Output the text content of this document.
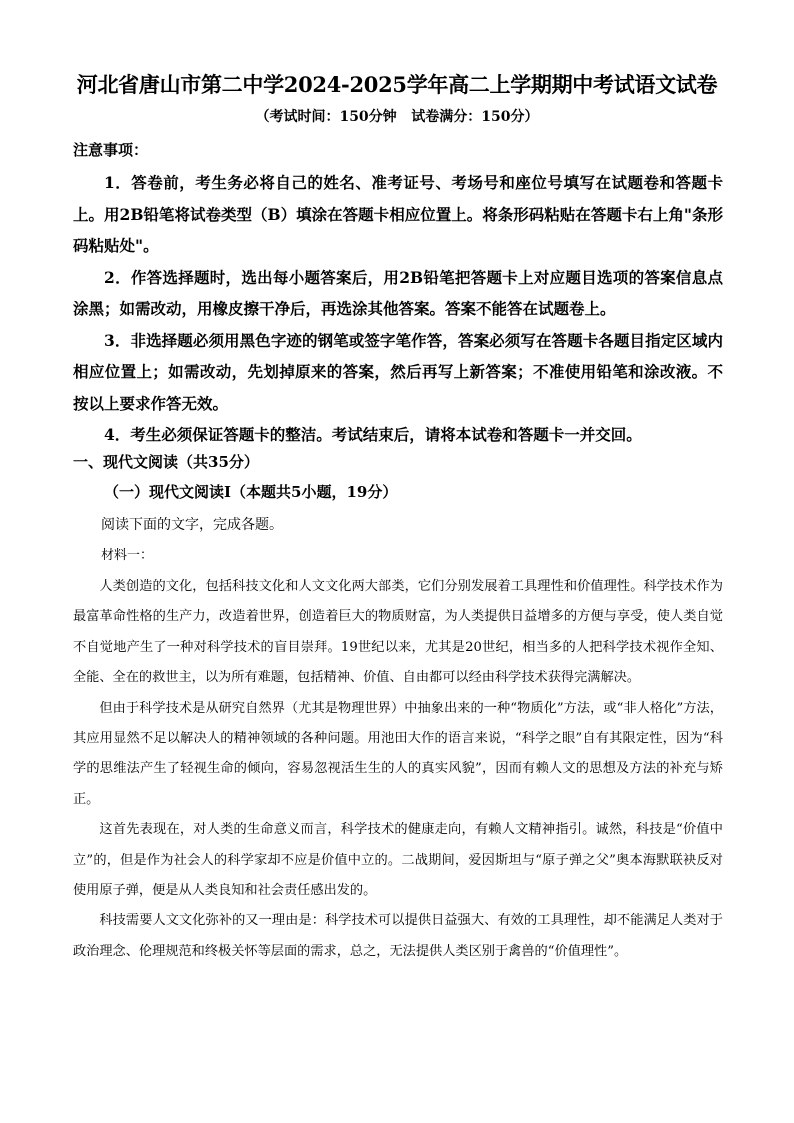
河北省唐山市第二中学2024-2025学年高二上学期期中考试语文试卷
（考试时间：150分钟   试卷满分：150分）
注意事项：

1．答卷前，考生务必将自己的姓名、准考证号、考场号和座位号填写在试题卷和答题卡上。用2B铅笔将试卷类型（B）填涂在答题卡相应位置上。将条形码粘贴在答题卡右上角"条形码粘贴处"。

2．作答选择题时，选出每小题答案后，用2B铅笔把答题卡上对应题目选项的答案信息点涂黑；如需改动，用橡皮擦干净后，再选涂其他答案。答案不能答在试题卷上。

3．非选择题必须用黑色字迹的钢笔或签字笔作答，答案必须写在答题卡各题目指定区域内相应位置上；如需改动，先划掉原来的答案，然后再写上新答案；不准使用铅笔和涂改液。不按以上要求作答无效。

4．考生必须保证答题卡的整洁。考试结束后，请将本试卷和答题卡一并交回。

一、现代文阅读（共35分）
（一）现代文阅读Ⅰ（本题共5小题，19分）
阅读下面的文字，完成各题。
材料一：

人类创造的文化，包括科技文化和人文文化两大部类，它们分别发展着工具理性和价值理性。科学技术作为最富革命性格的生产力，改造着世界，创造着巨大的物质财富，为人类提供日益增多的方便与享受，使人类自觉不自觉地产生了一种对科学技术的盲目崇拜。19世纪以来，尤其是20世纪，相当多的人把科学技术视作全知、全能、全在的救世主，以为所有难题，包括精神、价值、自由都可以经由科学技术获得完满解决。

但由于科学技术是从研究自然界（尤其是物理世界）中抽象出来的一种“物质化”方法，或“非人格化”方法，其应用显然不足以解决人的精神领域的各种问题。用池田大作的语言来说，“科学之眼”自有其限定性，因为“科学的思维法产生了轻视生命的倾向，容易忽视活生生的人的真实风貌”，因而有赖人文的思想及方法的补充与矫正。

这首先表现在，对人类的生命意义而言，科学技术的健康走向，有赖人文精神指引。诚然，科技是“价值中立”的，但是作为社会人的科学家却不应是价值中立的。二战期间，爱因斯坦与“原子弹之父”奥本海默联袂反对使用原子弹，便是从人类良知和社会责任感出发的。

科技需要人文文化弥补的又一理由是：科学技术可以提供日益强大、有效的工具理性，却不能满足人类对于政治理念、伦理规范和终极关怀等层面的需求，总之，无法提供人类区别于禽兽的“价值理性”。
